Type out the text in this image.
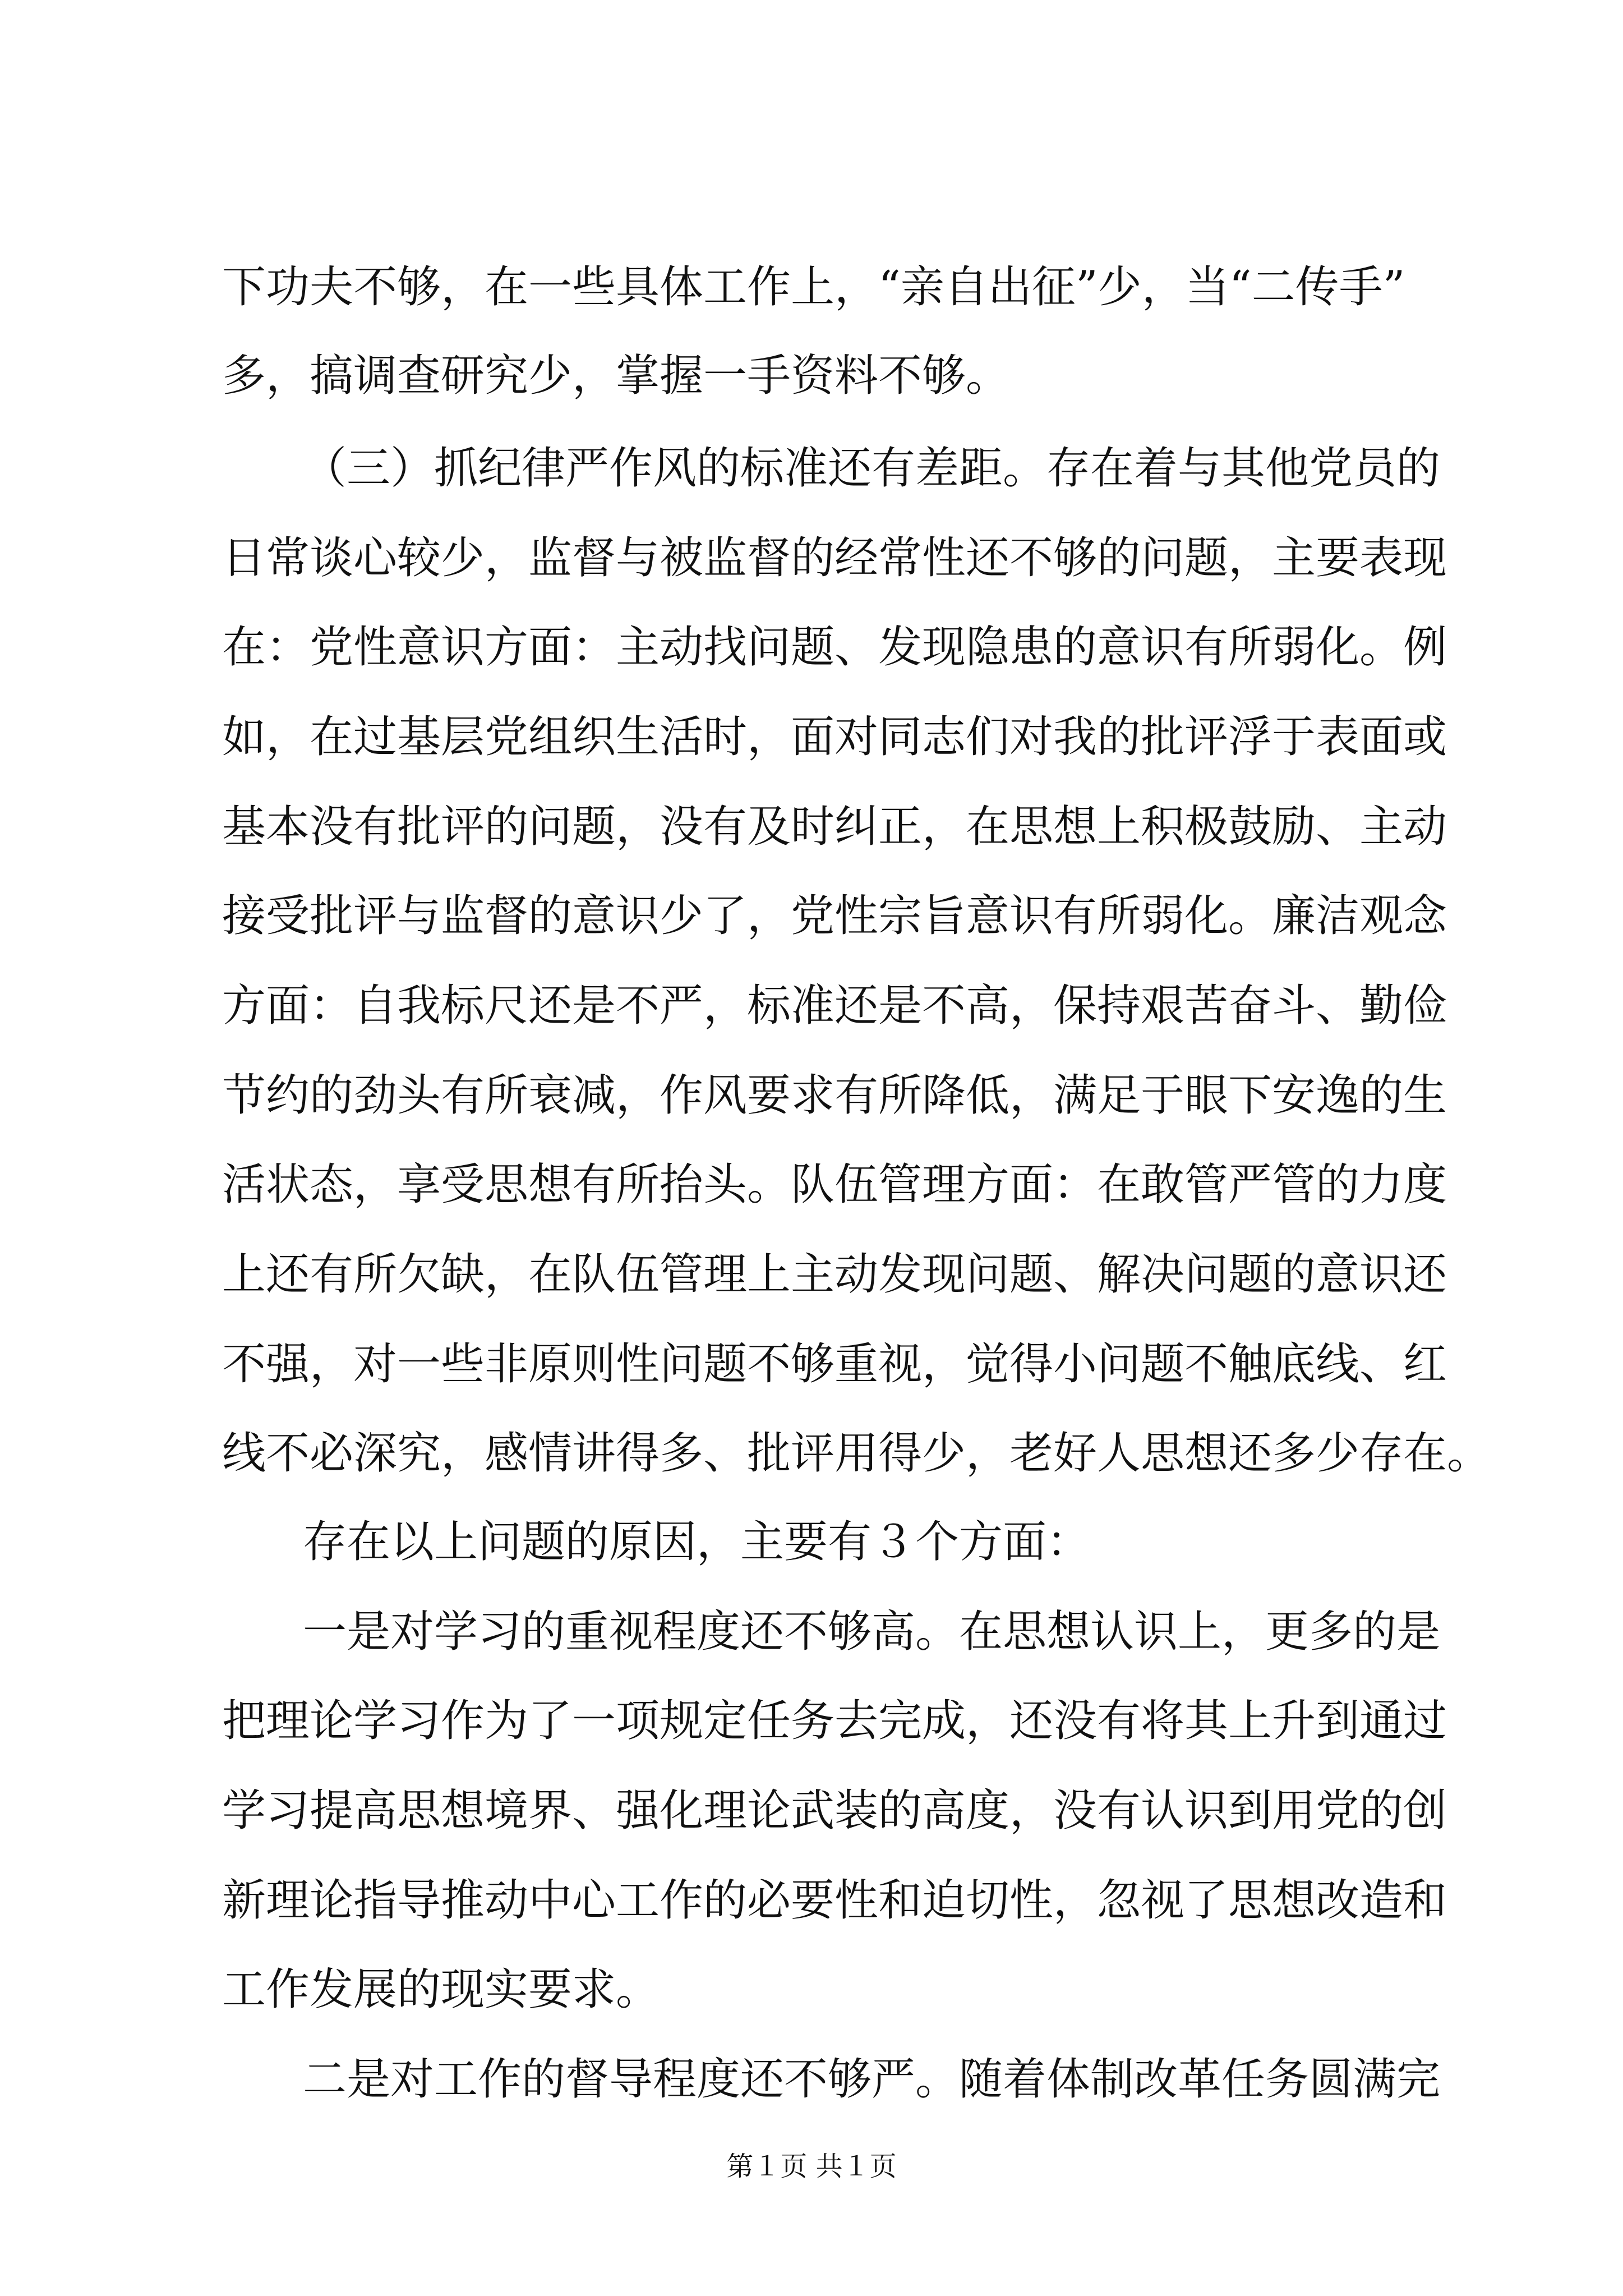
下功夫不够，在一些具体工作上，“亲自出征”少，当“二传手”

多，搞调查研究少，掌握一手资料不够。

（三）抓纪律严作风的标准还有差距。存在着与其他党员的

日常谈心较少，监督与被监督的经常性还不够的问题，主要表现

在：党性意识方面：主动找问题、发现隐患的意识有所弱化。例

如，在过基层党组织生活时，面对同志们对我的批评浮于表面或

基本没有批评的问题，没有及时纠正，在思想上积极鼓励、主动

接受批评与监督的意识少了，党性宗旨意识有所弱化。廉洁观念

方面：自我标尺还是不严，标准还是不高，保持艰苦奋斗、勤俭

节约的劲头有所衰减，作风要求有所降低，满足于眼下安逸的生

活状态，享受思想有所抬头。队伍管理方面：在敢管严管的力度

上还有所欠缺，在队伍管理上主动发现问题、解决问题的意识还

不强，对一些非原则性问题不够重视，觉得小问题不触底线、红

线不必深究，感情讲得多、批评用得少，老好人思想还多少存在。

存在以上问题的原因，主要有３个方面：

一是对学习的重视程度还不够高。在思想认识上，更多的是

把理论学习作为了一项规定任务去完成，还没有将其上升到通过

学习提高思想境界、强化理论武装的高度，没有认识到用党的创

新理论指导推动中心工作的必要性和迫切性，忽视了思想改造和

工作发展的现实要求。

二是对工作的督导程度还不够严。随着体制改革任务圆满完

第１页 共１页
